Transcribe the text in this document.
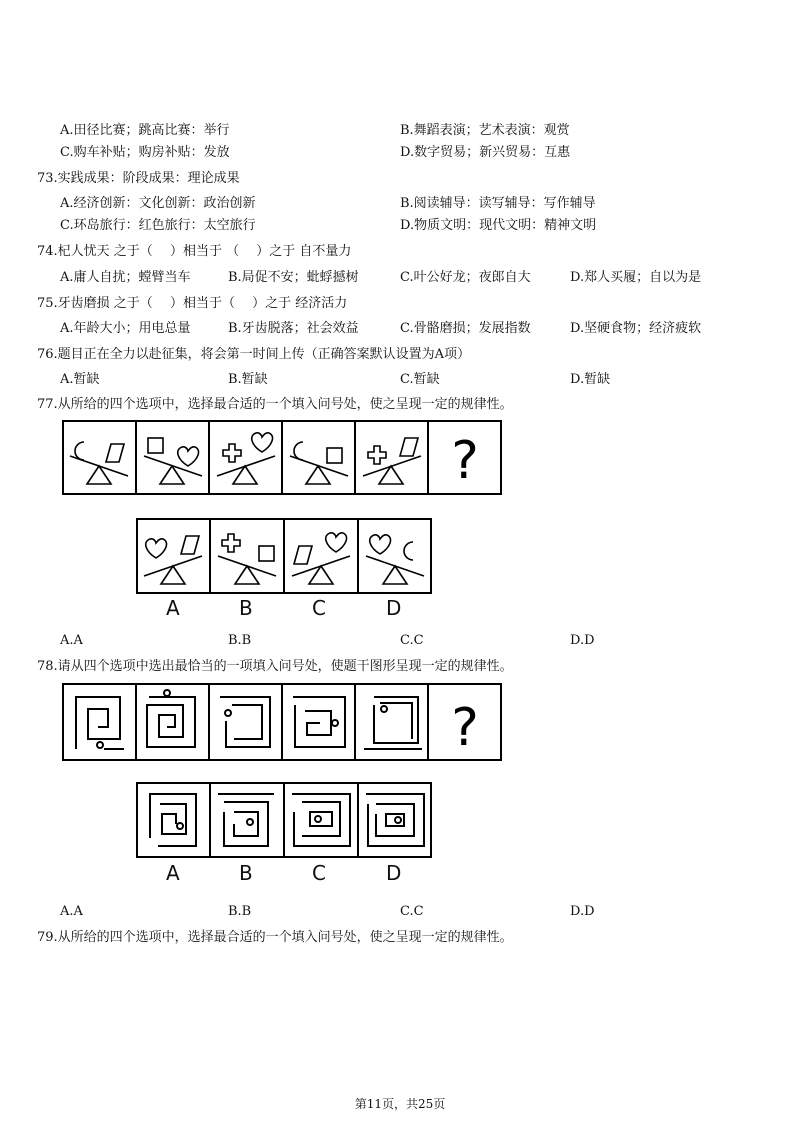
A.田径比赛；跳高比赛：举行	B.舞蹈表演；艺术表演：观赏
C.购车补贴；购房补贴：发放	D.数字贸易；新兴贸易：互惠
73.实践成果：阶段成果：理论成果
A.经济创新：文化创新：政治创新	B.阅读辅导：读写辅导：写作辅导
C.环岛旅行：红色旅行：太空旅行	D.物质文明：现代文明：精神文明
74.杞人忧天 之于（　 ）相当于 （　 ）之于 自不量力
A.庸人自扰；螳臂当车	B.局促不安；蚍蜉撼树	C.叶公好龙；夜郎自大	D.郑人买履；自以为是
75.牙齿磨损 之于（　 ）相当于（　 ）之于 经济活力
A.年龄大小；用电总量	B.牙齿脱落；社会效益	C.骨骼磨损；发展指数	D.坚硬食物；经济疲软
76.题目正在全力以赴征集，将会第一时间上传（正确答案默认设置为A项）
A.暂缺	B.暂缺	C.暂缺	D.暂缺
77.从所给的四个选项中，选择最合适的一个填入问号处，使之呈现一定的规律性。
?
A	B	C	D
A.A	B.B	C.C	D.D
78.请从四个选项中选出最恰当的一项填入问号处，使题干图形呈现一定的规律性。
?
A	B	C	D
A.A	B.B	C.C	D.D
79.从所给的四个选项中，选择最合适的一个填入问号处，使之呈现一定的规律性。
第11页，共25页
